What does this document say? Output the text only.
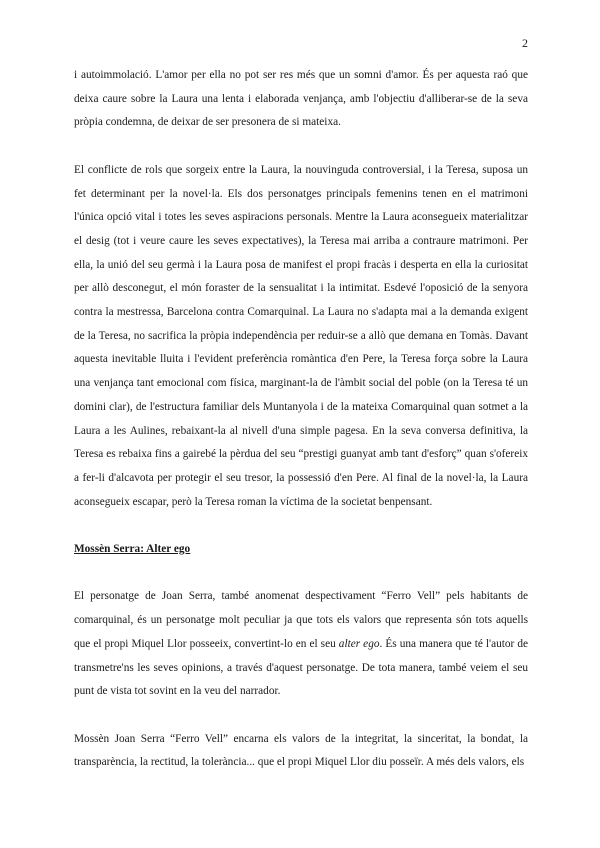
2

i autoimmolació. L'amor per ella no pot ser res més que un somni d'amor. És per aquesta raó que deixa caure sobre la Laura una lenta i elaborada venjança, amb l'objectiu d'alliberar-se de la seva pròpia condemna, de deixar de ser presonera de si mateixa.

El conflicte de rols que sorgeix entre la Laura, la nouvinguda controversial, i la Teresa, suposa un fet determinant per la novel·la. Els dos personatges principals femenins tenen en el matrimoni l'única opció vital i totes les seves aspiracions personals. Mentre la Laura aconsegueix materialitzar el desig (tot i veure caure les seves expectatives), la Teresa mai arriba a contraure matrimoni. Per ella, la unió del seu germà i la Laura posa de manifest el propi fracàs i desperta en ella la curiositat per allò desconegut, el món foraster de la sensualitat i la intimitat. Esdevé l'oposició de la senyora contra la mestressa, Barcelona contra Comarquinal. La Laura no s'adapta mai a la demanda exigent de la Teresa, no sacrifica la pròpia independència per reduir-se a allò que demana en Tomàs. Davant aquesta inevitable lluita i l'evident preferència romàntica d'en Pere, la Teresa força sobre la Laura una venjança tant emocional com física, marginant-la de l'àmbit social del poble (on la Teresa té un domini clar), de l'estructura familiar dels Muntanyola i de la mateixa Comarquinal quan sotmet a la Laura a les Aulines, rebaixant-la al nivell d'una simple pagesa. En la seva conversa definitiva, la Teresa es rebaixa fins a gairebé la pèrdua del seu “prestigi guanyat amb tant d'esforç” quan s'ofereix a fer-li d'alcavota per protegir el seu tresor, la possessió d'en Pere. Al final de la novel·la, la Laura aconsegueix escapar, però la Teresa roman la víctima de la societat benpensant.

Mossèn Serra: Alter ego

El personatge de Joan Serra, també anomenat despectivament “Ferro Vell” pels habitants de comarquinal, és un personatge molt peculiar ja que tots els valors que representa són tots aquells que el propi Miquel Llor posseeix, convertint-lo en el seu alter ego. És una manera que té l'autor de transmetre'ns les seves opinions, a través d'aquest personatge. De tota manera, també veiem el seu punt de vista tot sovint en la veu del narrador.

Mossèn Joan Serra “Ferro Vell” encarna els valors de la integritat, la sinceritat, la bondat, la transparència, la rectitud, la tolerància... que el propi Miquel Llor diu posseïr. A més dels valors, els
